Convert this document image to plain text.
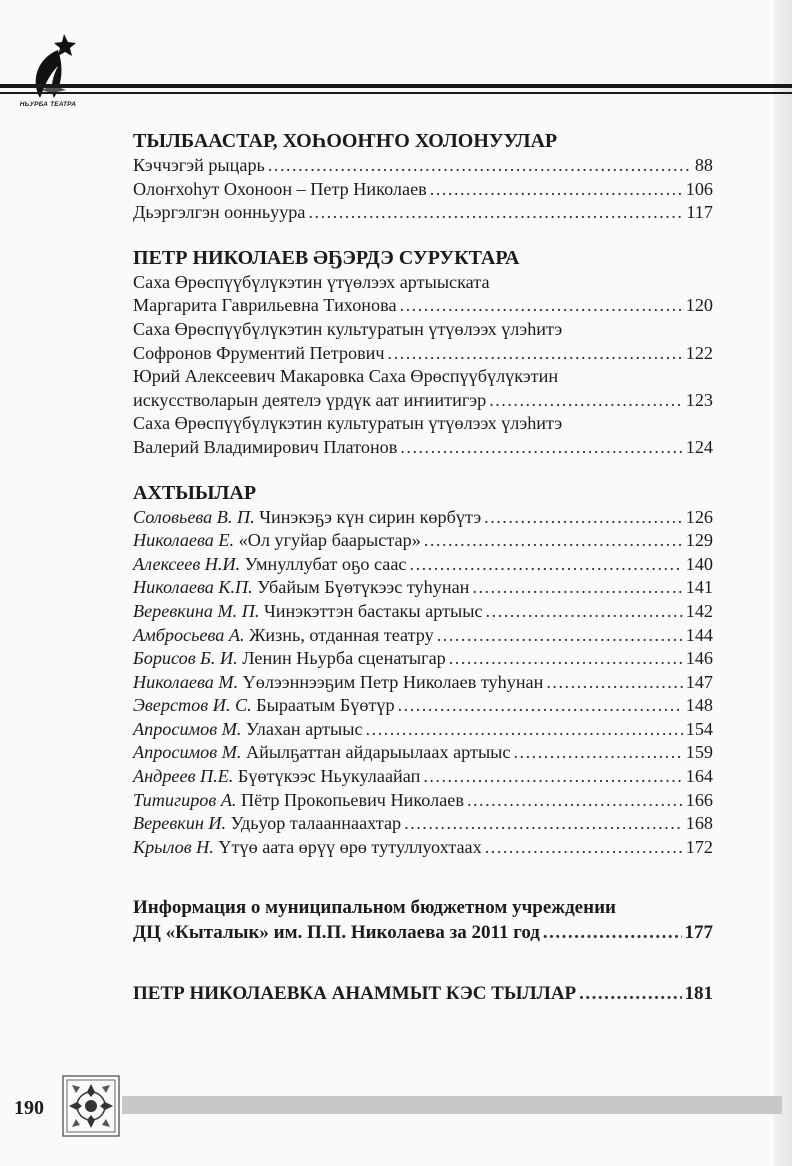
НЬУРБА ТЕАТРА
ТЫЛБААСТАР, ХОҺООҤҤО ХОЛОНУУЛАР
Кэччэгэй рыцарь .....	88
Олоҥхоһут Охоноон – Петр Николаев .....	106
Дьэргэлгэн оонньуура .....	117
ПЕТР НИКОЛАЕВ ӘҔЭРДЭ СУРУКТАРА
Саха Өрөспүүбүлүкэтин үтүөлээх артыыската
Маргарита Гаврильевна Тихонова .....	120
Саха Өрөспүүбүлүкэтин культуратын үтүөлээх үлэһитэ
Софронов Фрументий Петрович .....	122
Юрий Алексеевич Макаровка Саха Өрөспүүбүлүкэтин
искусстволарын деятелэ үрдүк аат иҥиитигэр .....	123
Саха Өрөспүүбүлүкэтин культуратын үтүөлээх үлэһитэ
Валерий Владимирович Платонов .....	124
АХТЫЫЛАР
Соловьева В. П. Чинэкэҕэ күн сирин көрбүтэ .....	126
Николаева Е. «Ол угуйар баарыстар» .....	129
Алексеев Н.И. Умнуллубат оҕо саас .....	140
Николаева К.П. Убайым Бүөтүкээс туһунан .....	141
Веревкина М. П. Чинэкэттэн бастакы артыыс .....	142
Амбросьева А. Жизнь, отданная театру .....	144
Борисов Б. И. Ленин Ньурба сценатыгар .....	146
Николаева М. Үөлээннээҕим Петр Николаев туһунан .....	147
Эверстов И. С. Быраатым Бүөтүр .....	148
Апросимов М. Улахан артыыс .....	154
Апросимов М. Айылҕаттан айдарыылаах артыыс .....	159
Андреев П.Е. Бүөтүкээс Ньукулаайап .....	164
Титигиров А. Пётр Прокопьевич Николаев .....	166
Веревкин И. Удьуор талааннаахтар .....	168
Крылов Н. Үтүө аата өрүү өрө тутуллуохтаах .....	172
Информация о муниципальном бюджетном учреждении
ДЦ «Кыталык» им. П.П. Николаева за 2011 год .....	177
ПЕТР НИКОЛАЕВКА АНАММЫТ КЭС ТЫЛЛАР .....	181
190
